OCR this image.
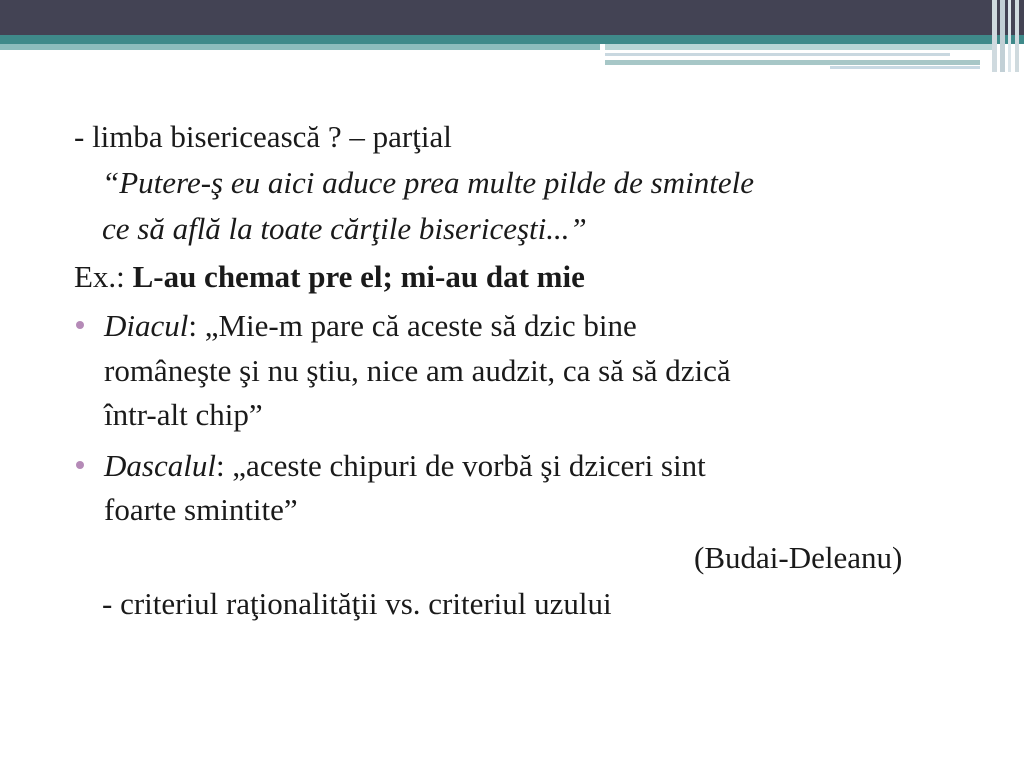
- limba bisericească ? – parţial
“Putere-ş eu aici aduce prea multe pilde de smintele
ce să află la toate cărţile bisericeşti...”
Ex.: L-au chemat pre el; mi-au dat mie
Diacul: „Mie-m pare că aceste să dzic bine
româneşte şi nu ştiu, nice am audzit, ca să să dzică
într-alt chip”
Dascalul: „aceste chipuri de vorbă şi dziceri sint
foarte smintite”
(Budai-Deleanu)
- criteriul raţionalităţii vs. criteriul uzului
